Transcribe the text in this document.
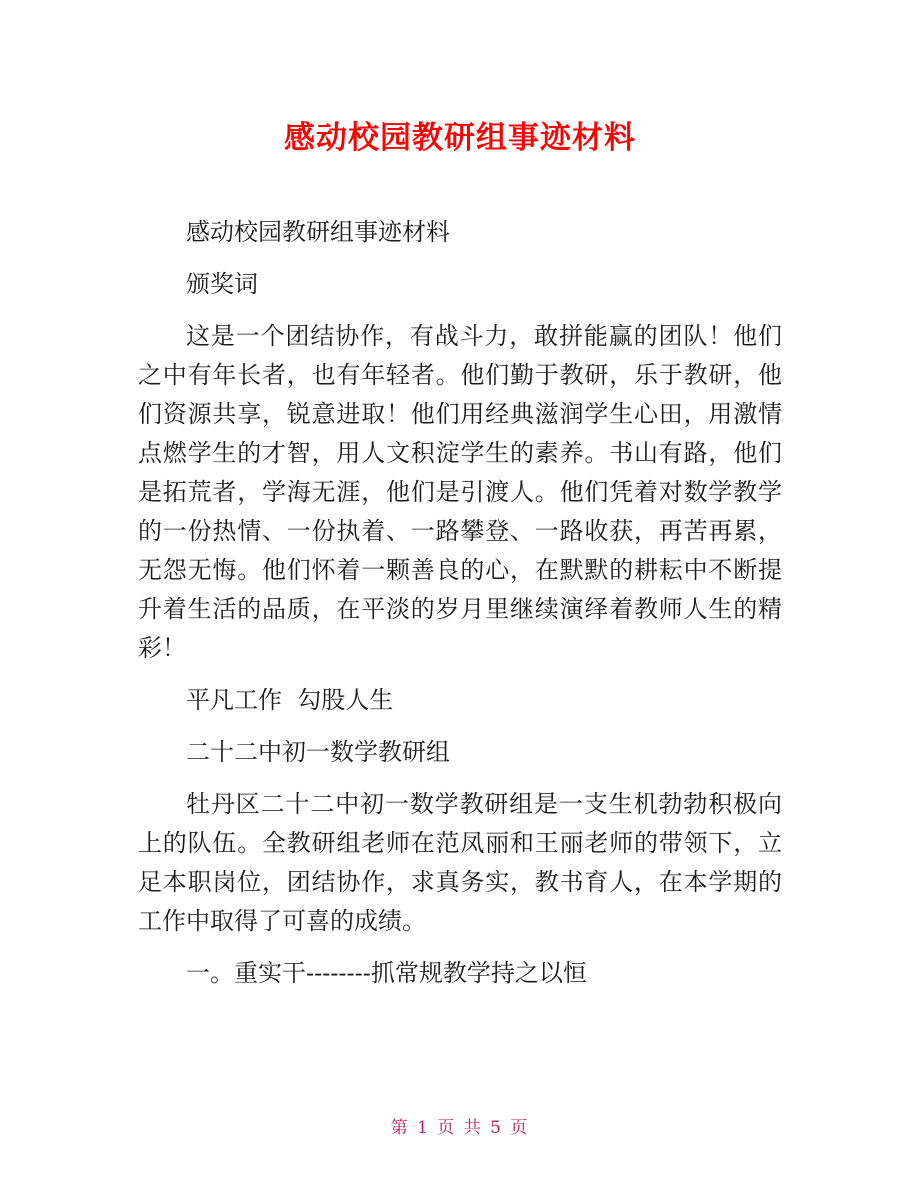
感动校园教研组事迹材料

感动校园教研组事迹材料

颁奖词

这是一个团结协作，有战斗力，敢拼能赢的团队！他们之中有年长者，也有年轻者。他们勤于教研，乐于教研，他们资源共享，锐意进取！他们用经典滋润学生心田，用激情点燃学生的才智，用人文积淀学生的素养。书山有路，他们是拓荒者，学海无涯，他们是引渡人。他们凭着对数学教学的一份热情、一份执着、一路攀登、一路收获，再苦再累，无怨无悔。他们怀着一颗善良的心，在默默的耕耘中不断提升着生活的品质，在平淡的岁月里继续演绎着教师人生的精彩！

平凡工作  勾股人生

二十二中初一数学教研组

牡丹区二十二中初一数学教研组是一支生机勃勃积极向上的队伍。全教研组老师在范凤丽和王丽老师的带领下，立足本职岗位，团结协作，求真务实，教书育人，在本学期的工作中取得了可喜的成绩。

一。重实干--------抓常规教学持之以恒

第 1 页 共 5 页
